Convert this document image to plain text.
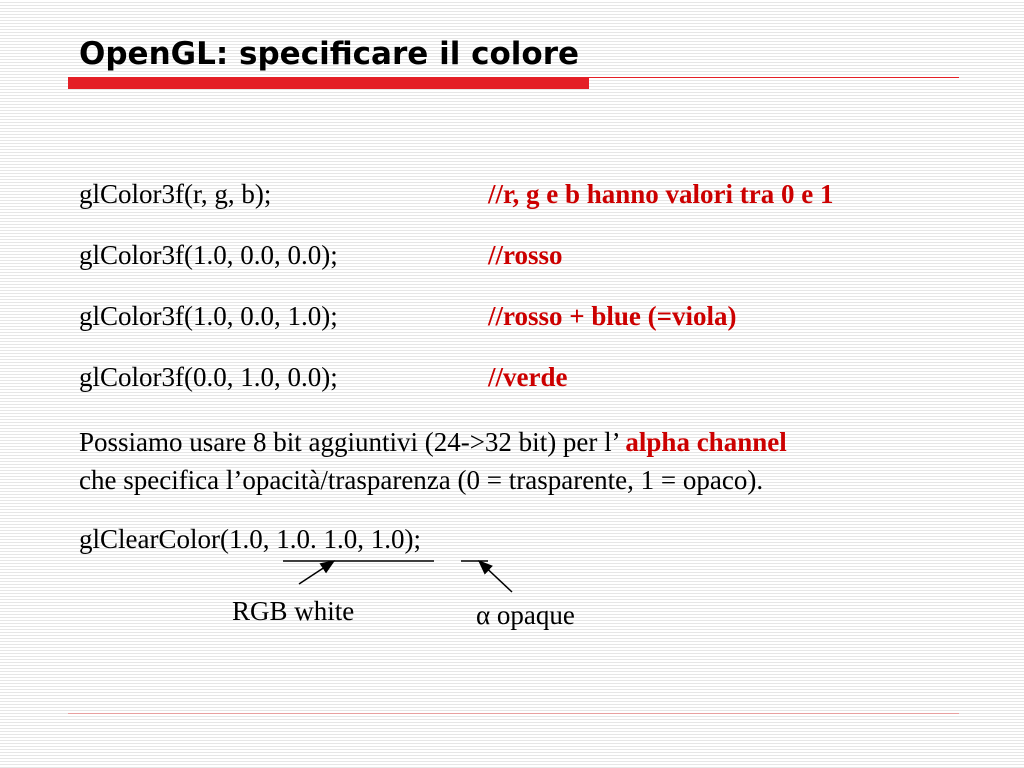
OpenGL: specificare il colore
glColor3f(r, g, b);	//r, g e b hanno valori tra 0 e 1
glColor3f(1.0, 0.0, 0.0);	//rosso
glColor3f(1.0, 0.0, 1.0);	//rosso + blue (=viola)
glColor3f(0.0, 1.0, 0.0);	//verde
Possiamo usare 8 bit aggiuntivi (24->32 bit) per l’ alpha channel
che specifica l’opacità/trasparenza (0 = trasparente, 1 = opaco).
glClearColor(1.0, 1.0. 1.0, 1.0);
RGB white	α opaque
